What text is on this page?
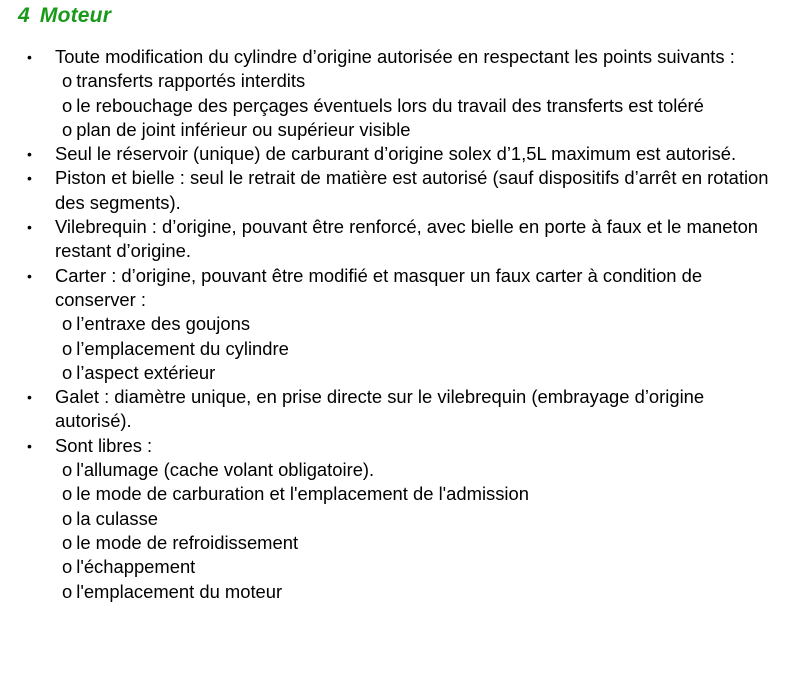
4 Moteur
• Toute modification du cylindre d’origine autorisée en respectant les points suivants :
o transferts rapportés interdits
o le rebouchage des perçages éventuels lors du travail des transferts est toléré
o plan de joint inférieur ou supérieur visible
• Seul le réservoir (unique) de carburant d’origine solex d’1,5L maximum est autorisé.
• Piston et bielle : seul le retrait de matière est autorisé (sauf dispositifs d’arrêt en rotation des segments).
• Vilebrequin : d’origine, pouvant être renforcé, avec bielle en porte à faux et le maneton restant d’origine.
• Carter : d’origine, pouvant être modifié et masquer un faux carter à condition de conserver :
o l’entraxe des goujons
o l’emplacement du cylindre
o l’aspect extérieur
• Galet : diamètre unique, en prise directe sur le vilebrequin (embrayage d’origine autorisé).
• Sont libres :
o l'allumage (cache volant obligatoire).
o le mode de carburation et l'emplacement de l'admission
o la culasse
o le mode de refroidissement
o l'échappement
o l'emplacement du moteur
